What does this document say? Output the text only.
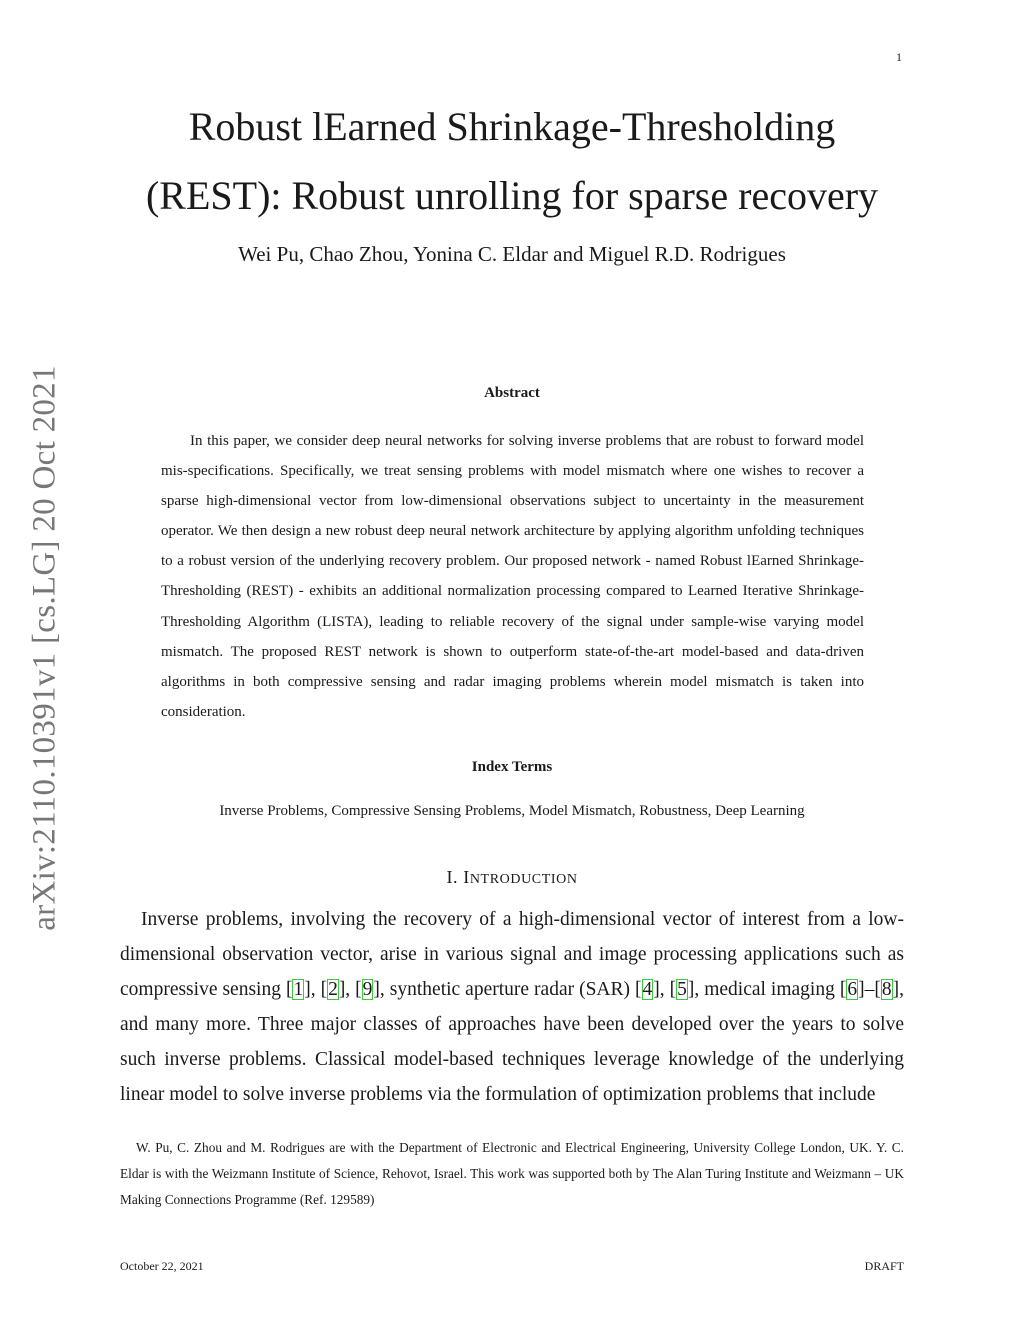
1
arXiv:2110.10391v1 [cs.LG] 20 Oct 2021
Robust lEarned Shrinkage-Thresholding
(REST): Robust unrolling for sparse recovery
Wei Pu, Chao Zhou, Yonina C. Eldar and Miguel R.D. Rodrigues
Abstract
In this paper, we consider deep neural networks for solving inverse problems that are robust to forward model mis-specifications. Specifically, we treat sensing problems with model mismatch where one wishes to recover a sparse high-dimensional vector from low-dimensional observations subject to uncertainty in the measurement operator. We then design a new robust deep neural network architecture by applying algorithm unfolding techniques to a robust version of the underlying recovery problem. Our proposed network - named Robust lEarned Shrinkage-Thresholding (REST) - exhibits an additional normalization processing compared to Learned Iterative Shrinkage-Thresholding Algorithm (LISTA), leading to reliable recovery of the signal under sample-wise varying model mismatch. The proposed REST network is shown to outperform state-of-the-art model-based and data-driven algorithms in both compressive sensing and radar imaging problems wherein model mismatch is taken into consideration.
Index Terms
Inverse Problems, Compressive Sensing Problems, Model Mismatch, Robustness, Deep Learning
I. INTRODUCTION
Inverse problems, involving the recovery of a high-dimensional vector of interest from a low-dimensional observation vector, arise in various signal and image processing applications such as compressive sensing [1], [2], [9], synthetic aperture radar (SAR) [4], [5], medical imaging [6]–[8], and many more. Three major classes of approaches have been developed over the years to solve such inverse problems. Classical model-based techniques leverage knowledge of the underlying linear model to solve inverse problems via the formulation of optimization problems that include
W. Pu, C. Zhou and M. Rodrigues are with the Department of Electronic and Electrical Engineering, University College London, UK. Y. C. Eldar is with the Weizmann Institute of Science, Rehovot, Israel. This work was supported both by The Alan Turing Institute and Weizmann – UK Making Connections Programme (Ref. 129589)
October 22, 2021	DRAFT
